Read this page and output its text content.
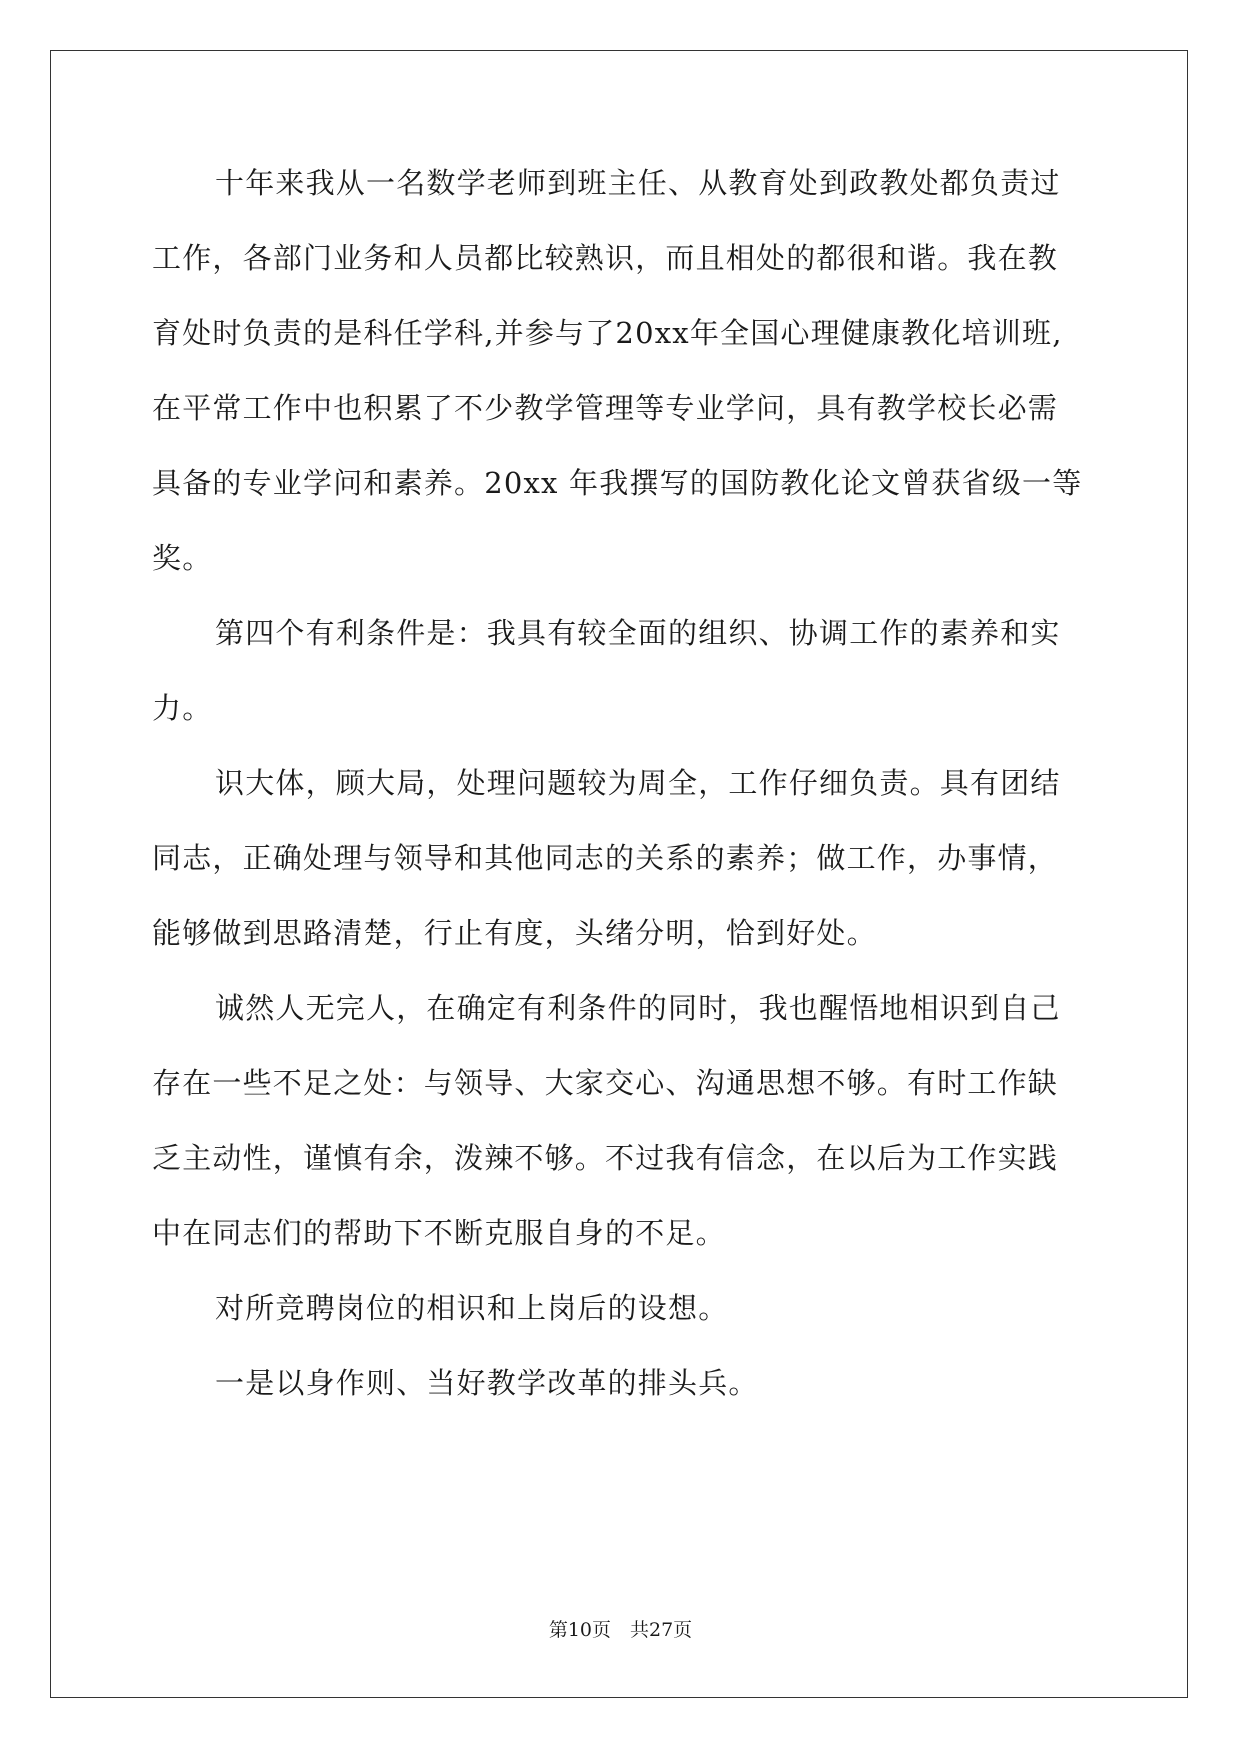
十年来我从一名数学老师到班主任、从教育处到政教处都负责过
工作，各部门业务和人员都比较熟识，而且相处的都很和谐。我在教
育处时负责的是科任学科,并参与了20xx年全国心理健康教化培训班,
在平常工作中也积累了不少教学管理等专业学问，具有教学校长必需
具备的专业学问和素养。20xx 年我撰写的国防教化论文曾获省级一等
奖。
第四个有利条件是：我具有较全面的组织、协调工作的素养和实
力。
识大体，顾大局，处理问题较为周全，工作仔细负责。具有团结
同志，正确处理与领导和其他同志的关系的素养；做工作，办事情，
能够做到思路清楚，行止有度，头绪分明，恰到好处。
诚然人无完人，在确定有利条件的同时，我也醒悟地相识到自己
存在一些不足之处：与领导、大家交心、沟通思想不够。有时工作缺
乏主动性，谨慎有余，泼辣不够。不过我有信念，在以后为工作实践
中在同志们的帮助下不断克服自身的不足。
对所竞聘岗位的相识和上岗后的设想。
一是以身作则、当好教学改革的排头兵。
第10页　共27页
